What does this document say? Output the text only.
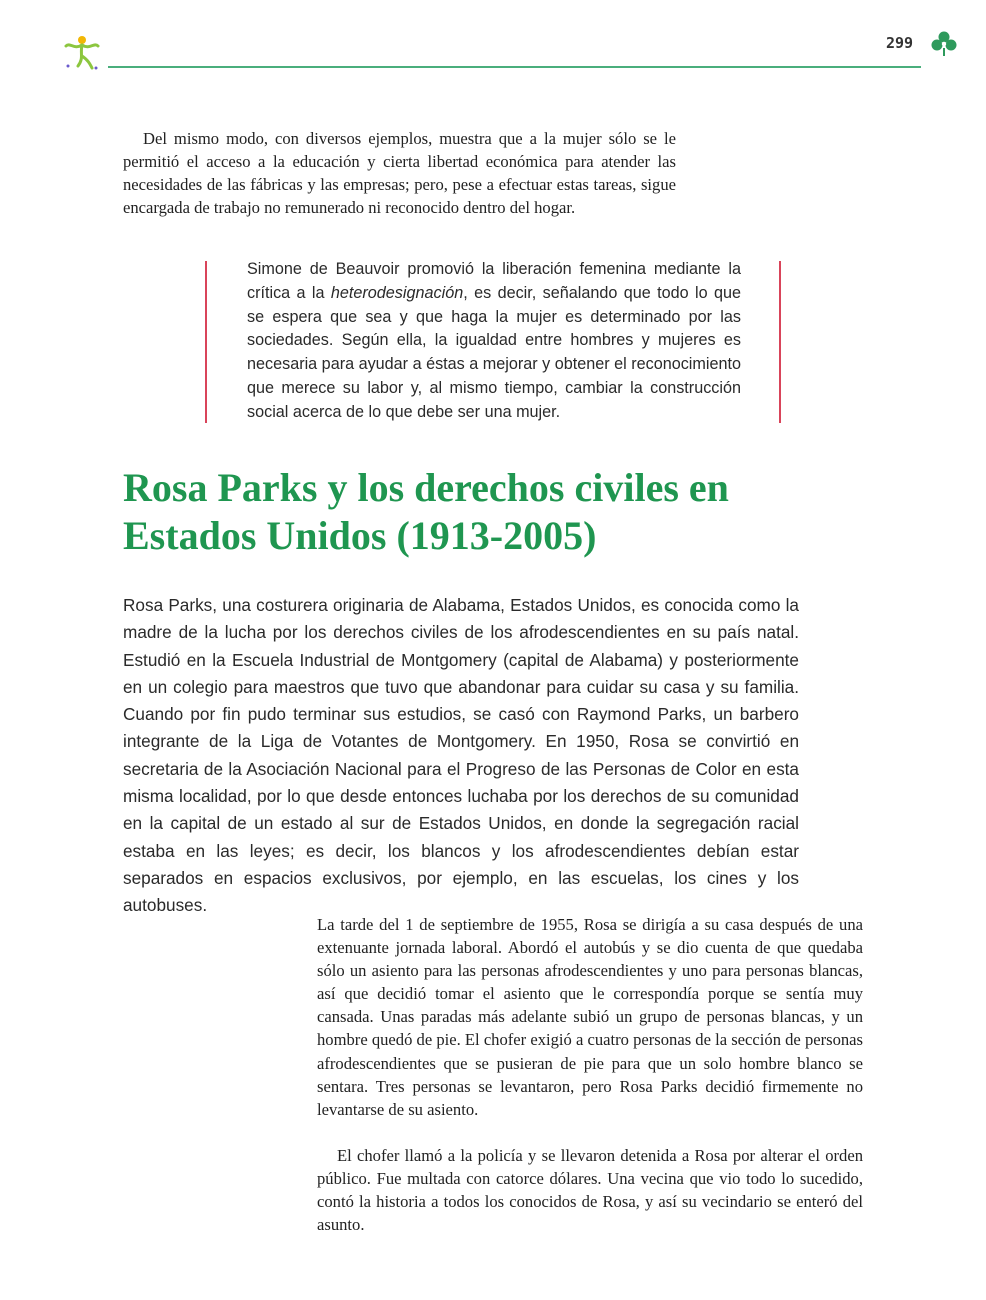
299

Del mismo modo, con diversos ejemplos, muestra que a la mujer sólo se le permitió el acceso a la educación y cierta libertad económica para atender las necesidades de las fábricas y las empresas; pero, pese a efectuar estas tareas, sigue encargada de trabajo no remunerado ni reconocido dentro del hogar.

Simone de Beauvoir promovió la liberación femenina mediante la crítica a la heterodesignación, es decir, señalando que todo lo que se espera que sea y que haga la mujer es determinado por las sociedades. Según ella, la igualdad entre hombres y mujeres es necesaria para ayudar a éstas a mejorar y obtener el reconocimiento que merece su labor y, al mismo tiempo, cambiar la construcción social acerca de lo que debe ser una mujer.

Rosa Parks y los derechos civiles en
Estados Unidos (1913-2005)

Rosa Parks, una costurera originaria de Alabama, Estados Unidos, es conocida como la madre de la lucha por los derechos civiles de los afrodescendientes en su país natal. Estudió en la Escuela Industrial de Montgomery (capital de Alabama) y posteriormente en un colegio para maestros que tuvo que abandonar para cuidar su casa y su familia. Cuando por fin pudo terminar sus estudios, se casó con Raymond Parks, un barbero integrante de la Liga de Votantes de Montgomery. En 1950, Rosa se convirtió en secretaria de la Asociación Nacional para el Progreso de las Personas de Color en esta misma localidad, por lo que desde entonces luchaba por los derechos de su comunidad en la capital de un estado al sur de Estados Unidos, en donde la segregación racial estaba en las leyes; es decir, los blancos y los afrodescendientes debían estar separados en espacios exclusivos, por ejemplo, en las escuelas, los cines y los autobuses.

La tarde del 1 de septiembre de 1955, Rosa se dirigía a su casa después de una extenuante jornada laboral. Abordó el autobús y se dio cuenta de que quedaba sólo un asiento para las personas afrodescendientes y uno para personas blancas, así que decidió tomar el asiento que le correspondía porque se sentía muy cansada. Unas paradas más adelante subió un grupo de personas blancas, y un hombre quedó de pie. El chofer exigió a cuatro personas de la sección de personas afrodescendientes que se pusieran de pie para que un solo hombre blanco se sentara. Tres personas se levantaron, pero Rosa Parks decidió firmemente no levantarse de su asiento.

El chofer llamó a la policía y se llevaron detenida a Rosa por alterar el orden público. Fue multada con catorce dólares. Una vecina que vio todo lo sucedido, contó la historia a todos los conocidos de Rosa, y así su vecindario se enteró del asunto.
